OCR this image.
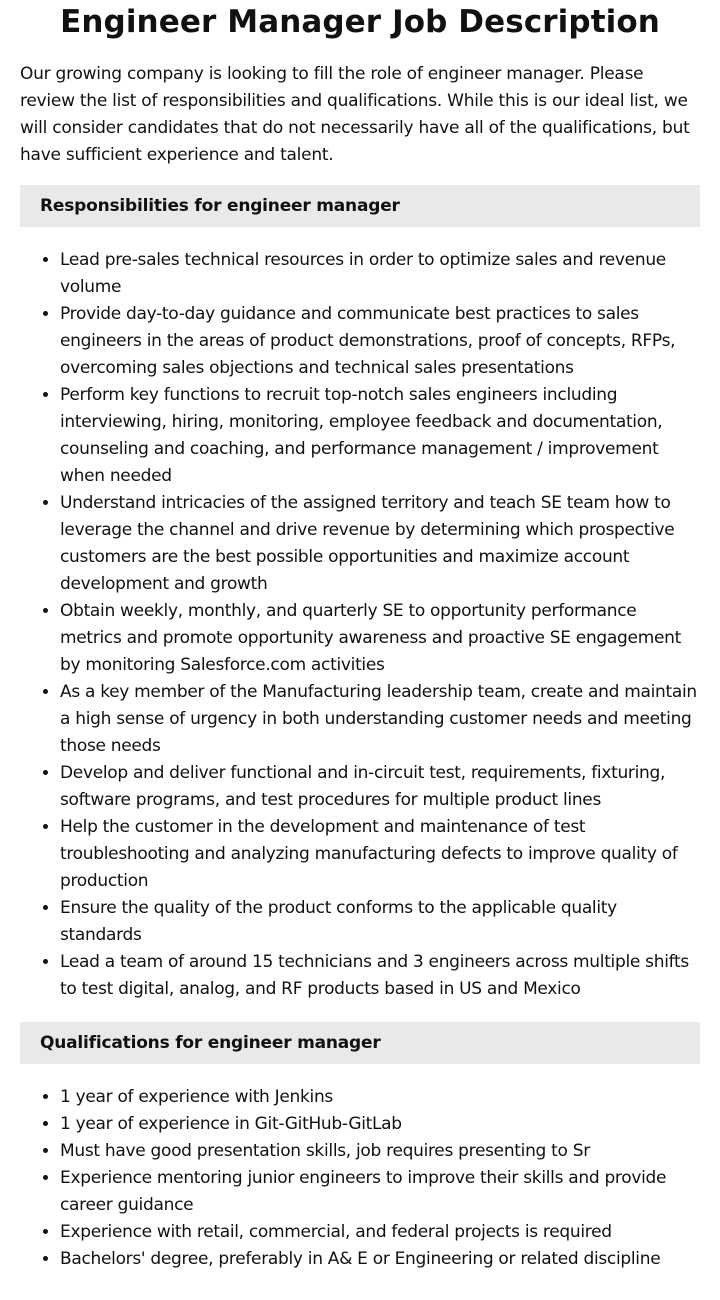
Engineer Manager Job Description

Our growing company is looking to fill the role of engineer manager. Please review the list of responsibilities and qualifications. While this is our ideal list, we will consider candidates that do not necessarily have all of the qualifications, but have sufficient experience and talent.

Responsibilities for engineer manager
• Lead pre-sales technical resources in order to optimize sales and revenue volume
• Provide day-to-day guidance and communicate best practices to sales engineers in the areas of product demonstrations, proof of concepts, RFPs, overcoming sales objections and technical sales presentations
• Perform key functions to recruit top-notch sales engineers including interviewing, hiring, monitoring, employee feedback and documentation, counseling and coaching, and performance management / improvement when needed
• Understand intricacies of the assigned territory and teach SE team how to leverage the channel and drive revenue by determining which prospective customers are the best possible opportunities and maximize account development and growth
• Obtain weekly, monthly, and quarterly SE to opportunity performance metrics and promote opportunity awareness and proactive SE engagement by monitoring Salesforce.com activities
• As a key member of the Manufacturing leadership team, create and maintain a high sense of urgency in both understanding customer needs and meeting those needs
• Develop and deliver functional and in-circuit test, requirements, fixturing, software programs, and test procedures for multiple product lines
• Help the customer in the development and maintenance of test troubleshooting and analyzing manufacturing defects to improve quality of production
• Ensure the quality of the product conforms to the applicable quality standards
• Lead a team of around 15 technicians and 3 engineers across multiple shifts to test digital, analog, and RF products based in US and Mexico
Qualifications for engineer manager
• 1 year of experience with Jenkins
• 1 year of experience in Git-GitHub-GitLab
• Must have good presentation skills, job requires presenting to Sr
• Experience mentoring junior engineers to improve their skills and provide career guidance
• Experience with retail, commercial, and federal projects is required
• Bachelors' degree, preferably in A& E or Engineering or related discipline
